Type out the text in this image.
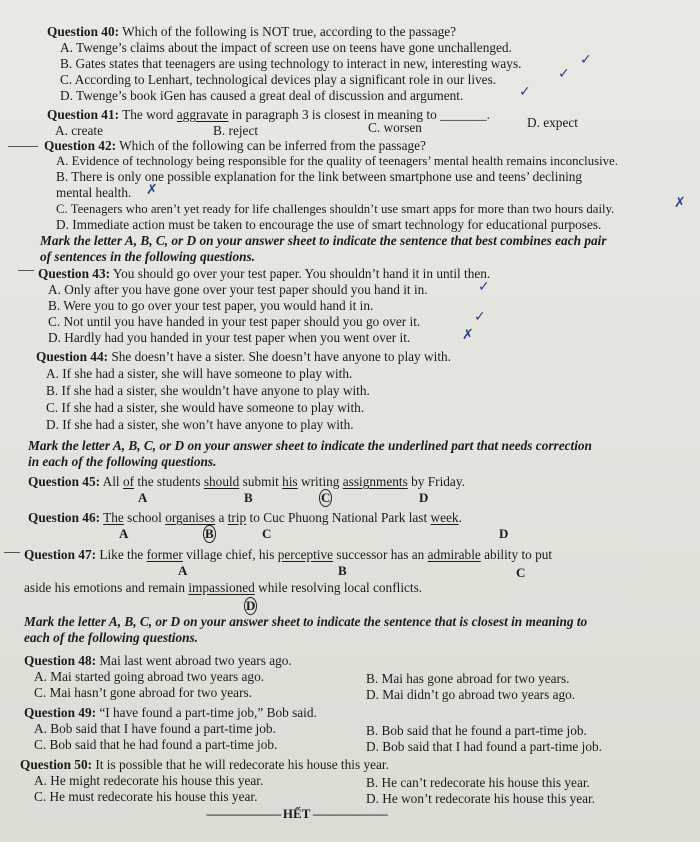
Question 40: Which of the following is NOT true, according to the passage?
A. Twenge’s claims about the impact of screen use on teens have gone unchallenged.
B. Gates states that teenagers are using technology to interact in new, interesting ways.
C. According to Lenhart, technological devices play a significant role in our lives.
D. Twenge’s book iGen has caused a great deal of discussion and argument.
✓
✓
✓
Question 41: The word aggravate in paragraph 3 is closest in meaning to _______.
A. create	B. reject	C. worsen	D. expect
Question 42: Which of the following can be inferred from the passage?
A. Evidence of technology being responsible for the quality of teenagers’ mental health remains inconclusive.
B. There is only one possible explanation for the link between smartphone use and teens’ declining
mental health.
C. Teenagers who aren’t yet ready for life challenges shouldn’t use smart apps for more than two hours daily.
D. Immediate action must be taken to encourage the use of smart technology for educational purposes.
✗
✗
Mark the letter A, B, C, or D on your answer sheet to indicate the sentence that best combines each pair
of sentences in the following questions.
Question 43: You should go over your test paper. You shouldn’t hand it in until then.
A. Only after you have gone over your test paper should you hand it in.
B. Were you to go over your test paper, you would hand it in.
C. Not until you have handed in your test paper should you go over it.
D. Hardly had you handed in your test paper when you went over it.
✓
✓
✗
Question 44: She doesn’t have a sister. She doesn’t have anyone to play with.
A. If she had a sister, she will have someone to play with.
B. If she had a sister, she wouldn’t have anyone to play with.
C. If she had a sister, she would have someone to play with.
D. If she had a sister, she won’t have anyone to play with.
Mark the letter A, B, C, or D on your answer sheet to indicate the underlined part that needs correction
in each of the following questions.
Question 45: All of the students should submit his writing assignments by Friday.
A	B	C	D
Question 46: The school organises a trip to Cuc Phuong National Park last week.
A	B	C	D
Question 47: Like the former village chief, his perceptive successor has an admirable ability to put
A	B	C
aside his emotions and remain impassioned while resolving local conflicts.
D
Mark the letter A, B, C, or D on your answer sheet to indicate the sentence that is closest in meaning to
each of the following questions.
Question 48: Mai last went abroad two years ago.
A. Mai started going abroad two years ago.	B. Mai has gone abroad for two years.
C. Mai hasn’t gone abroad for two years.	D. Mai didn’t go abroad two years ago.
Question 49: “I have found a part-time job,” Bob said.
A. Bob said that I have found a part-time job.	B. Bob said that he found a part-time job.
C. Bob said that he had found a part-time job.	D. Bob said that I had found a part-time job.
Question 50: It is possible that he will redecorate his house this year.
A. He might redecorate his house this year.	B. He can’t redecorate his house this year.
C. He must redecorate his house this year.	D. He won’t redecorate his house this year.
------------------------- HẾT -------------------------
